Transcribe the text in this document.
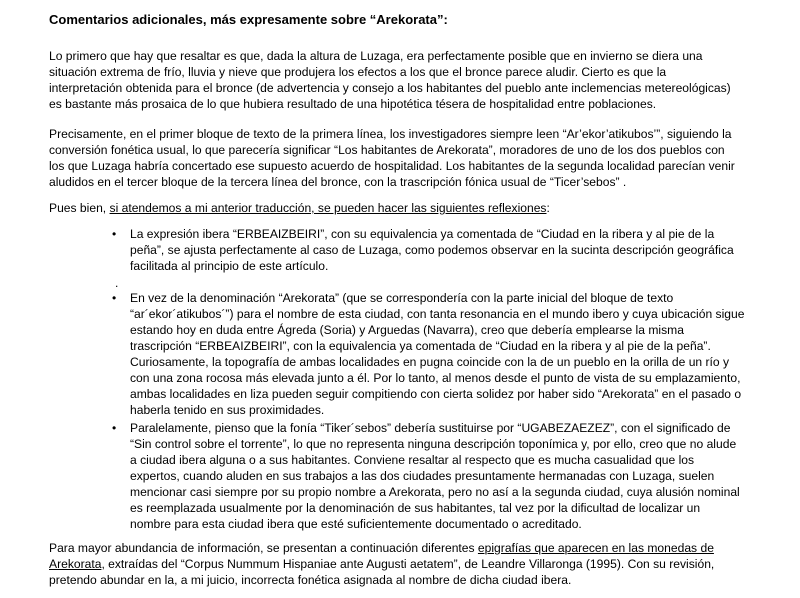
Comentarios adicionales, más expresamente sobre “Arekorata”:
Lo primero que hay que resaltar es que, dada la altura de Luzaga, era perfectamente posible que en invierno se diera una
situación extrema de frío, lluvia y nieve que produjera los efectos a los que el bronce parece aludir. Cierto es que la
interpretación obtenida para el bronce (de advertencia y consejo a los habitantes del pueblo ante inclemencias metereológicas)
es bastante más prosaica de lo que hubiera resultado de una hipotética tésera de hospitalidad entre poblaciones.
Precisamente, en el primer bloque de texto de la primera línea, los investigadores siempre leen “Ar’ekor’atikubos’”, siguiendo la
conversión fonética usual, lo que parecería significar “Los habitantes de Arekorata”, moradores de uno de los dos pueblos con
los que Luzaga habría concertado ese supuesto acuerdo de hospitalidad. Los habitantes de la segunda localidad parecían venir
aludidos en el tercer bloque de la tercera línea del bronce, con la trascripción fónica usual de “Ticer’sebos” .
Pues bien, si atendemos a mi anterior traducción, se pueden hacer las siguientes reflexiones:
• La expresión ibera “ERBEAIZBEIRI”, con su equivalencia ya comentada de “Ciudad en la ribera y al pie de la
peña”, se ajusta perfectamente al caso de Luzaga, como podemos observar en la sucinta descripción geográfica
facilitada al principio de este artículo.
.
• En vez de la denominación “Arekorata” (que se correspondería con la parte inicial del bloque de texto
“ar´ekor´atikubos´”) para el nombre de esta ciudad, con tanta resonancia en el mundo ibero y cuya ubicación sigue
estando hoy en duda entre Ágreda (Soria) y Arguedas (Navarra), creo que debería emplearse la misma
trascripción “ERBEAIZBEIRI”, con la equivalencia ya comentada de “Ciudad en la ribera y al pie de la peña”.
Curiosamente, la topografía de ambas localidades en pugna coincide con la de un pueblo en la orilla de un río y
con una zona rocosa más elevada junto a él. Por lo tanto, al menos desde el punto de vista de su emplazamiento,
ambas localidades en liza pueden seguir compitiendo con cierta solidez por haber sido “Arekorata” en el pasado o
haberla tenido en sus proximidades.
• Paralelamente, pienso que la fonía “Tiker´sebos” debería sustituirse por “UGABEZAEZEZ”, con el significado de
“Sin control sobre el torrente”, lo que no representa ninguna descripción toponímica y, por ello, creo que no alude
a ciudad ibera alguna o a sus habitantes. Conviene resaltar al respecto que es mucha casualidad que los
expertos, cuando aluden en sus trabajos a las dos ciudades presuntamente hermanadas con Luzaga, suelen
mencionar casi siempre por su propio nombre a Arekorata, pero no así a la segunda ciudad, cuya alusión nominal
es reemplazada usualmente por la denominación de sus habitantes, tal vez por la dificultad de localizar un
nombre para esta ciudad ibera que esté suficientemente documentado o acreditado.
Para mayor abundancia de información, se presentan a continuación diferentes epigrafías que aparecen en las monedas de
Arekorata, extraídas del “Corpus Nummum Hispaniae ante Augusti aetatem”, de Leandre Villaronga (1995). Con su revisión,
pretendo abundar en la, a mi juicio, incorrecta fonética asignada al nombre de dicha ciudad ibera.
